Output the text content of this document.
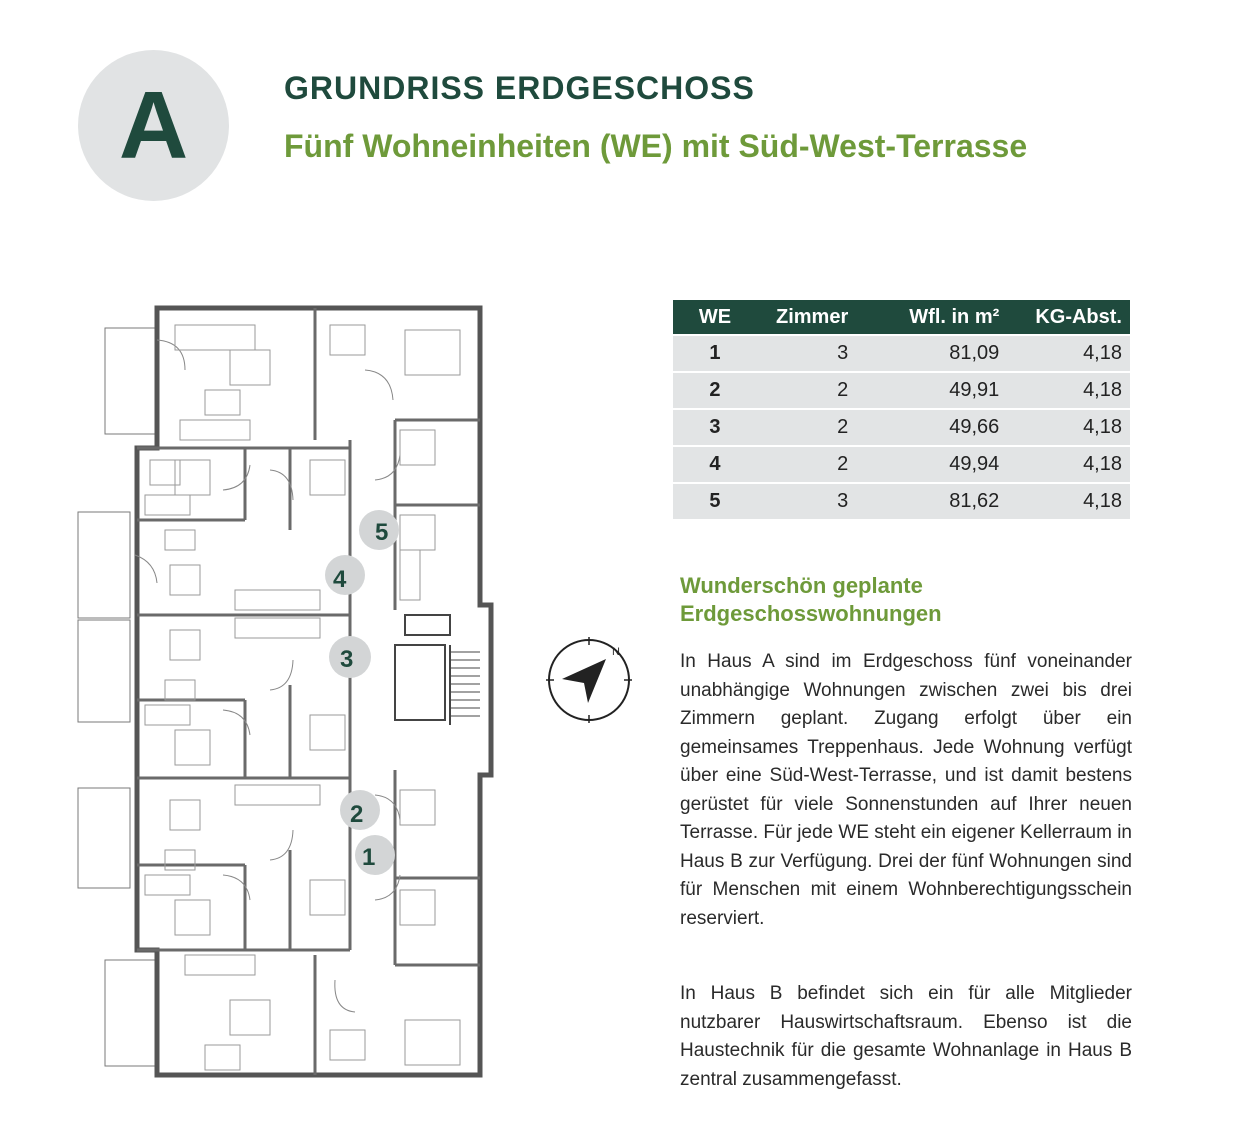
A	GRUNDRISS ERDGESCHOSS
Fünf Wohneinheiten (WE) mit Süd-West-Terrasse
5
4
3
2
1
N
WE	Zimmer	Wfl. in m²	KG-Abst.
1	3	81,09	4,18
2	2	49,91	4,18
3	2	49,66	4,18
4	2	49,94	4,18
5	3	81,62	4,18
Wunderschön geplante
Erdgeschosswohnungen

In Haus A sind im Erdgeschoss fünf voneinander unabhängige Wohnungen zwischen zwei bis drei Zimmern geplant. Zugang erfolgt über ein gemeinsames Treppenhaus. Jede Wohnung verfügt über eine Süd-West-Terrasse, und ist damit bestens gerüstet für viele Sonnenstunden auf Ihrer neuen Terrasse. Für jede WE steht ein eigener Kellerraum in Haus B zur Verfügung. Drei der fünf Wohnungen sind für Menschen mit einem Wohnberechtigungsschein reserviert.

In Haus B befindet sich ein für alle Mitglieder nutzbarer Hauswirtschaftsraum. Ebenso ist die Haustechnik für die gesamte Wohnanlage in Haus B zentral zusammengefasst.
